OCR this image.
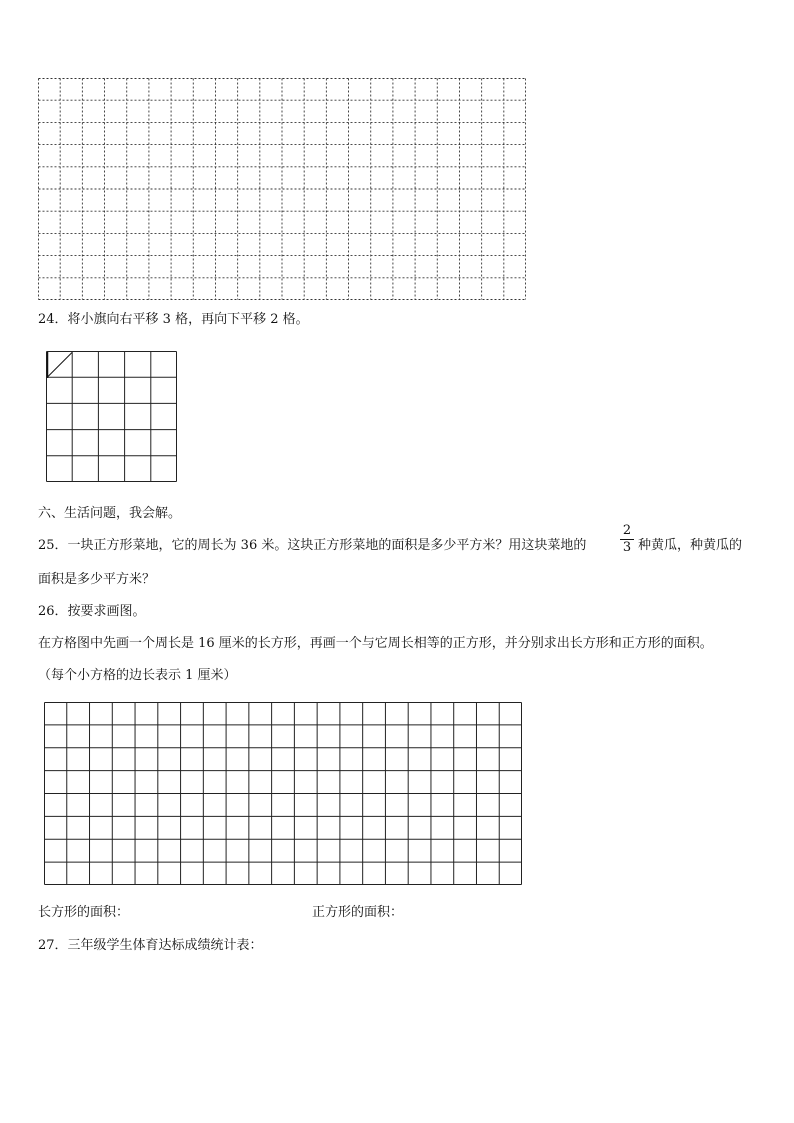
24．将小旗向右平移 3 格，再向下平移 2 格。
六、生活问题，我会解。
25．一块正方形菜地，它的周长为 36 米。这块正方形菜地的面积是多少平方米？用这块菜地的
2
3 种黄瓜，种黄瓜的
面积是多少平方米？
26．按要求画图。
在方格图中先画一个周长是 16 厘米的长方形，再画一个与它周长相等的正方形，并分别求出长方形和正方形的面积。
（每个小方格的边长表示 1 厘米）
长方形的面积：	正方形的面积：
27．三年级学生体育达标成绩统计表：
